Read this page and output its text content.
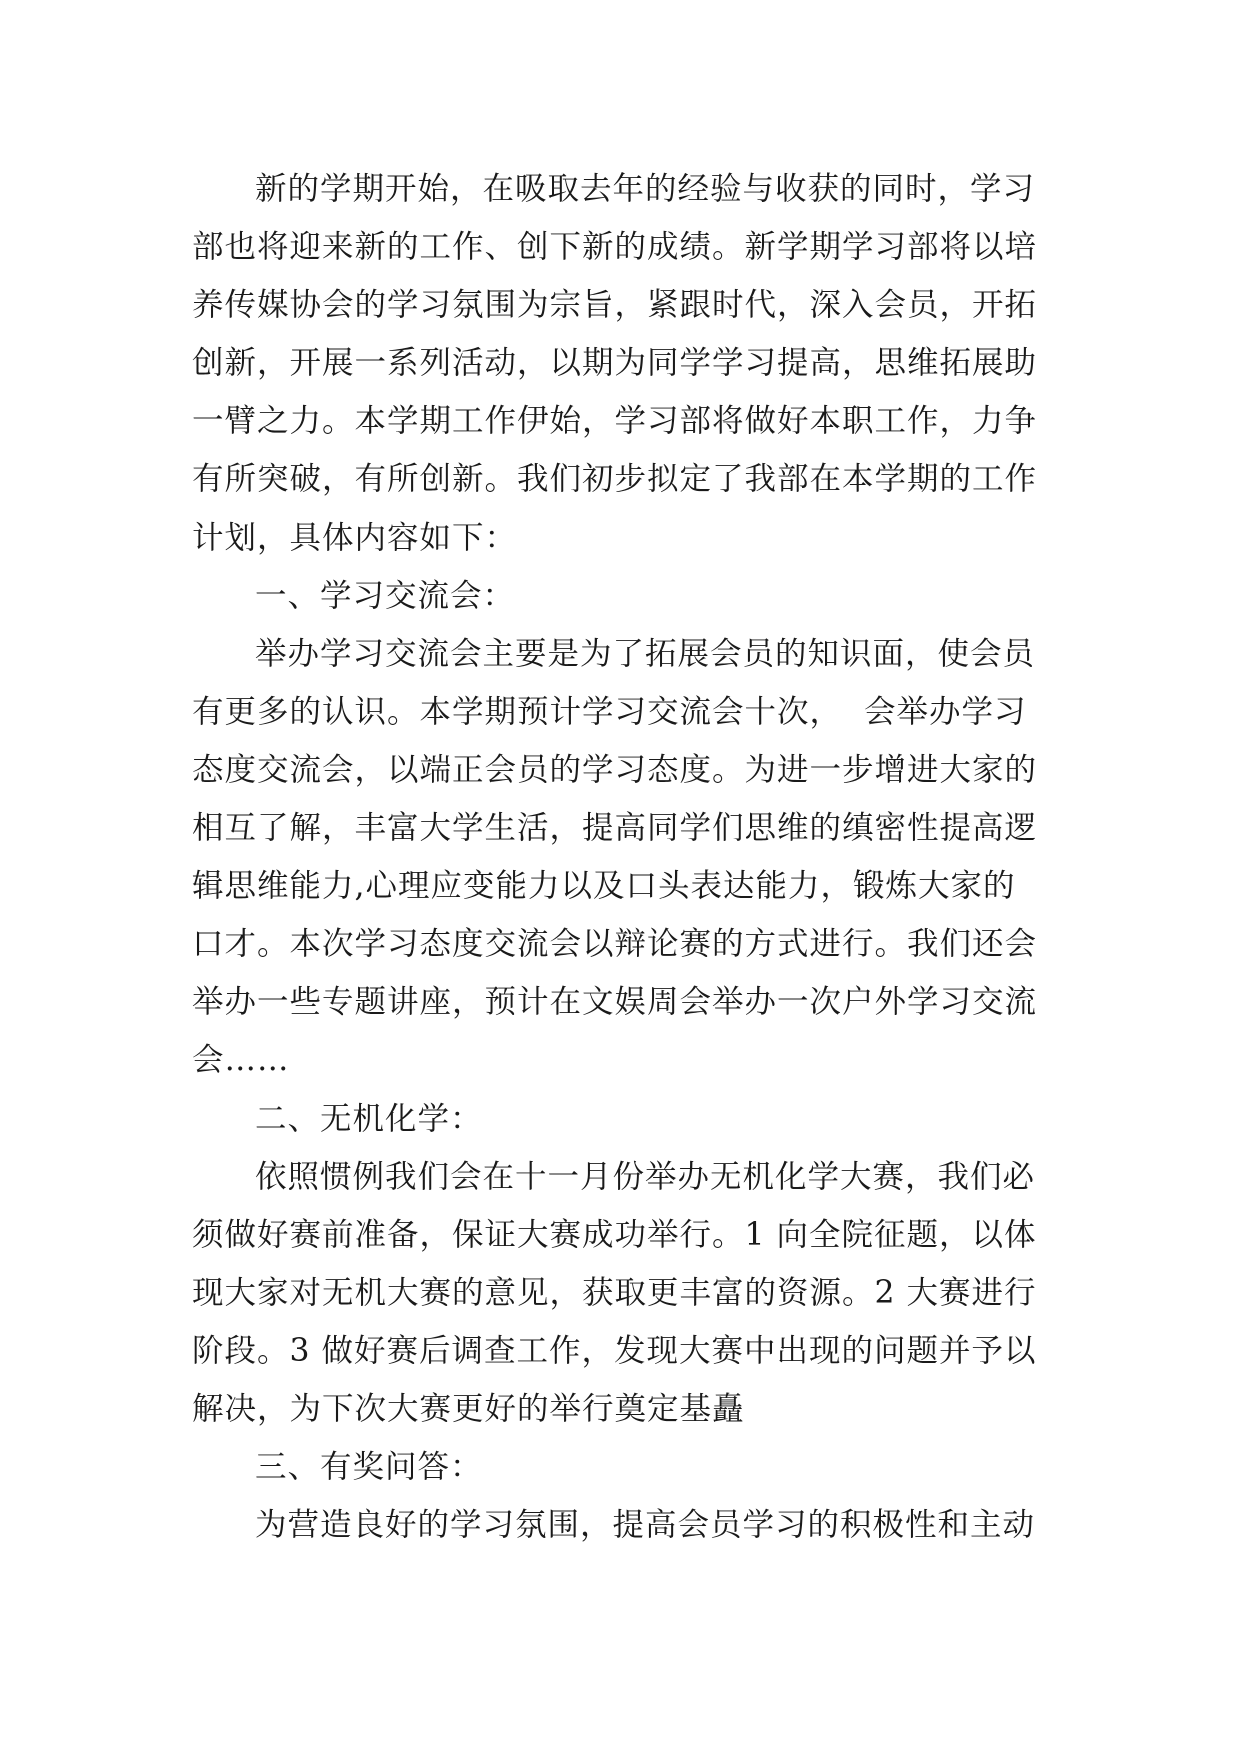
新的学期开始，在吸取去年的经验与收获的同时，学习
部也将迎来新的工作、创下新的成绩。新学期学习部将以培
养传媒协会的学习氛围为宗旨，紧跟时代，深入会员，开拓
创新，开展一系列活动，以期为同学学习提高，思维拓展助
一臂之力。本学期工作伊始，学习部将做好本职工作，力争
有所突破，有所创新。我们初步拟定了我部在本学期的工作
计划，具体内容如下：
一、学习交流会：
举办学习交流会主要是为了拓展会员的知识面，使会员
有更多的认识。本学期预计学习交流会十次，  会举办学习
态度交流会，以端正会员的学习态度。为进一步增进大家的
相互了解，丰富大学生活，提高同学们思维的缜密性提高逻
辑思维能力,心理应变能力以及口头表达能力，锻炼大家的
口才。本次学习态度交流会以辩论赛的方式进行。我们还会
举办一些专题讲座，预计在文娱周会举办一次户外学习交流
会……
二、无机化学：
依照惯例我们会在十一月份举办无机化学大赛，我们必
须做好赛前准备，保证大赛成功举行。1 向全院征题，以体
现大家对无机大赛的意见，获取更丰富的资源。2 大赛进行
阶段。3 做好赛后调查工作，发现大赛中出现的问题并予以
解决，为下次大赛更好的举行奠定基矗
三、有奖问答：
为营造良好的学习氛围，提高会员学习的积极性和主动
